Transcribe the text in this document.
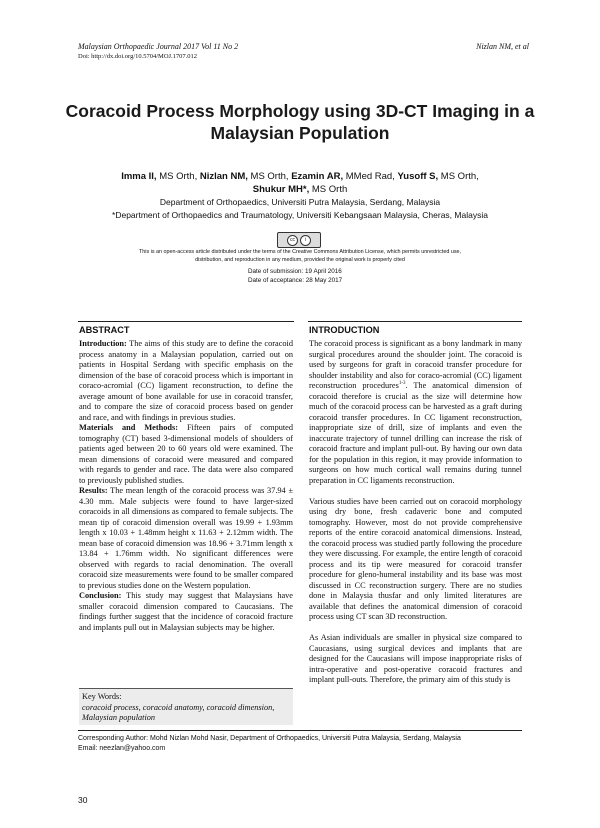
Malaysian Orthopaedic Journal 2017 Vol 11 No 2
Doi: http://dx.doi.org/10.5704/MOJ.1707.012
Nizlan NM, et al
Coracoid Process Morphology using 3D-CT Imaging in a Malaysian Population
Imma II, MS Orth, Nizlan NM, MS Orth, Ezamin AR, MMed Rad, Yusoff S, MS Orth,
Shukur MH*, MS Orth
Department of Orthopaedics, Universiti Putra Malaysia, Serdang, Malaysia
*Department of Orthopaedics and Traumatology, Universiti Kebangsaan Malaysia, Cheras, Malaysia
cc	i
This is an open-access article distributed under the terms of the Creative Commons Attribution License, which permits unrestricted use,
distribution, and reproduction in any medium, provided the original work is properly cited
Date of submission: 19 April 2016
Date of acceptance: 28 May 2017
ABSTRACT	INTRODUCTION

Introduction: The aims of this study are to define the coracoid process anatomy in a Malaysian population, carried out on patients in Hospital Serdang with specific emphasis on the dimension of the base of coracoid process which is important in coraco-acromial (CC) ligament reconstruction, to define the average amount of bone available for use in coracoid transfer, and to compare the size of coracoid process based on gender and race, and with findings in previous studies.

Materials and Methods: Fifteen pairs of computed tomography (CT) based 3-dimensional models of shoulders of patients aged between 20 to 60 years old were examined. The mean dimensions of coracoid were measured and compared with regards to gender and race. The data were also compared to previously published studies.

Results: The mean length of the coracoid process was 37.94 ± 4.30 mm. Male subjects were found to have larger-sized coracoids in all dimensions as compared to female subjects. The mean tip of coracoid dimension overall was 19.99 + 1.93mm length x 10.03 + 1.48mm height x 11.63 + 2.12mm width. The mean base of coracoid dimension was 18.96 + 3.71mm length x 13.84 + 1.76mm width. No significant differences were observed with regards to racial denomination. The overall coracoid size measurements were found to be smaller compared to previous studies done on the Western population.

Conclusion: This study may suggest that Malaysians have smaller coracoid dimension compared to Caucasians. The findings further suggest that the incidence of coracoid fracture and implants pull out in Malaysian subjects may be higher.

Key Words:
coracoid process, coracoid anatomy, coracoid dimension, Malaysian population

The coracoid process is significant as a bony landmark in many surgical procedures around the shoulder joint. The coracoid is used by surgeons for graft in coracoid transfer procedure for shoulder instability and also for coraco-acromial (CC) ligament reconstruction procedures$^{1-3}$. The anatomical dimension of coracoid therefore is crucial as the size will determine how much of the coracoid process can be harvested as a graft during coracoid transfer procedures. In CC ligament reconstruction, inappropriate size of drill, size of implants and even the inaccurate trajectory of tunnel drilling can increase the risk of coracoid fracture and implant pull-out. By having our own data for the population in this region, it may provide information to surgeons on how much cortical wall remains during tunnel preparation in CC ligaments reconstruction.

Various studies have been carried out on coracoid morphology using dry bone, fresh cadaveric bone and computed tomography. However, most do not provide comprehensive reports of the entire coracoid anatomical dimensions. Instead, the coracoid process was studied partly following the procedure they were discussing. For example, the entire length of coracoid process and its tip were measured for coracoid transfer procedure for gleno-humeral instability and its base was most discussed in CC reconstruction surgery. There are no studies done in Malaysia thusfar and only limited literatures are available that defines the anatomical dimension of coracoid process using CT scan 3D reconstruction.

As Asian individuals are smaller in physical size compared to Caucasians, using surgical devices and implants that are designed for the Caucasians will impose inappropriate risks of intra-operative and post-operative coracoid fractures and implant pull-outs. Therefore, the primary aim of this study is

Corresponding Author: Mohd Nizlan Mohd Nasir, Department of Orthopaedics, Universiti Putra Malaysia, Serdang, Malaysia
Email: neezlan@yahoo.com
30
